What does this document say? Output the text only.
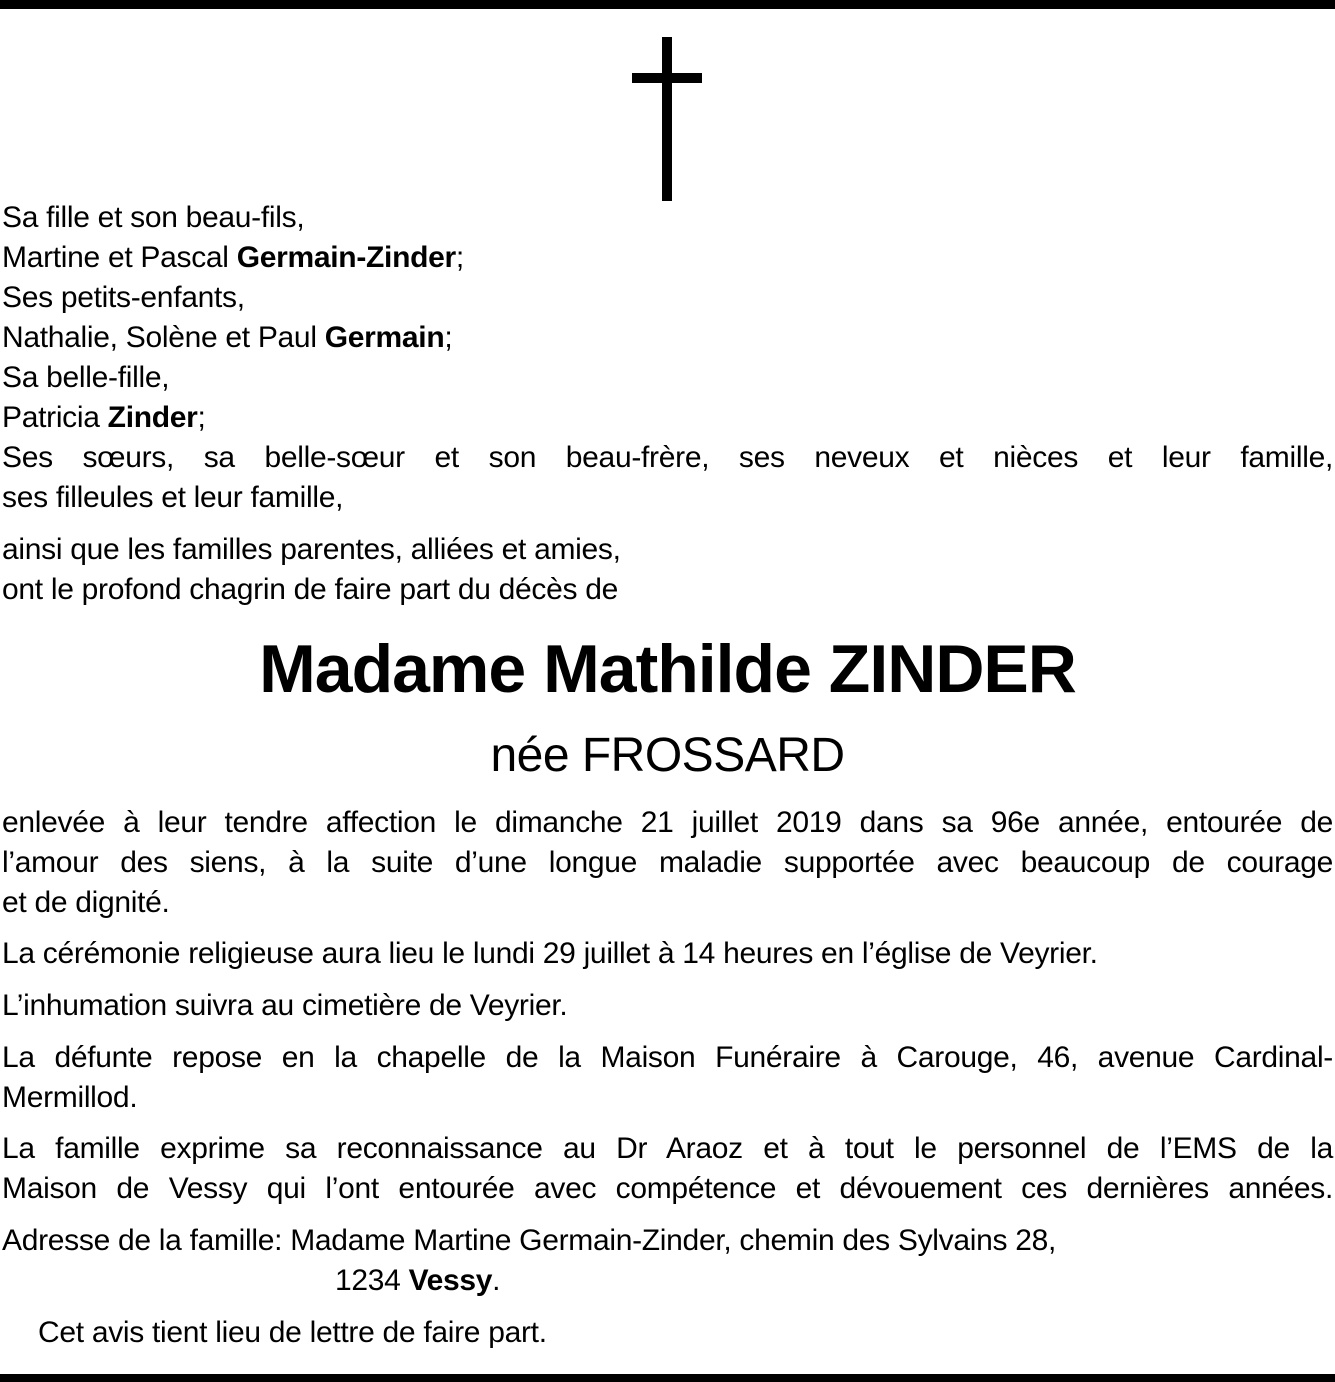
Sa fille et son beau-fils,
Martine et Pascal Germain-Zinder;
Ses petits-enfants,
Nathalie, Solène et Paul Germain;
Sa belle-fille,
Patricia Zinder;
Ses sœurs, sa belle-sœur et son beau-frère, ses neveux et nièces et leur famille,
ses filleules et leur famille,
ainsi que les familles parentes, alliées et amies,
ont le profond chagrin de faire part du décès de
Madame Mathilde ZINDER
née FROSSARD
enlevée à leur tendre affection le dimanche 21 juillet 2019 dans sa 96e année, entourée de
l’amour des siens, à la suite d’une longue maladie supportée avec beaucoup de courage
et de dignité.
La cérémonie religieuse aura lieu le lundi 29 juillet à 14 heures en l’église de Veyrier.
L’inhumation suivra au cimetière de Veyrier.
La défunte repose en la chapelle de la Maison Funéraire à Carouge, 46, avenue Cardinal-
Mermillod.
La famille exprime sa reconnaissance au Dr Araoz et à tout le personnel de l’EMS de la
Maison de Vessy qui l’ont entourée avec compétence et dévouement ces dernières années.
Adresse de la famille: Madame Martine Germain-Zinder, chemin des Sylvains 28,
1234 Vessy.
Cet avis tient lieu de lettre de faire part.
